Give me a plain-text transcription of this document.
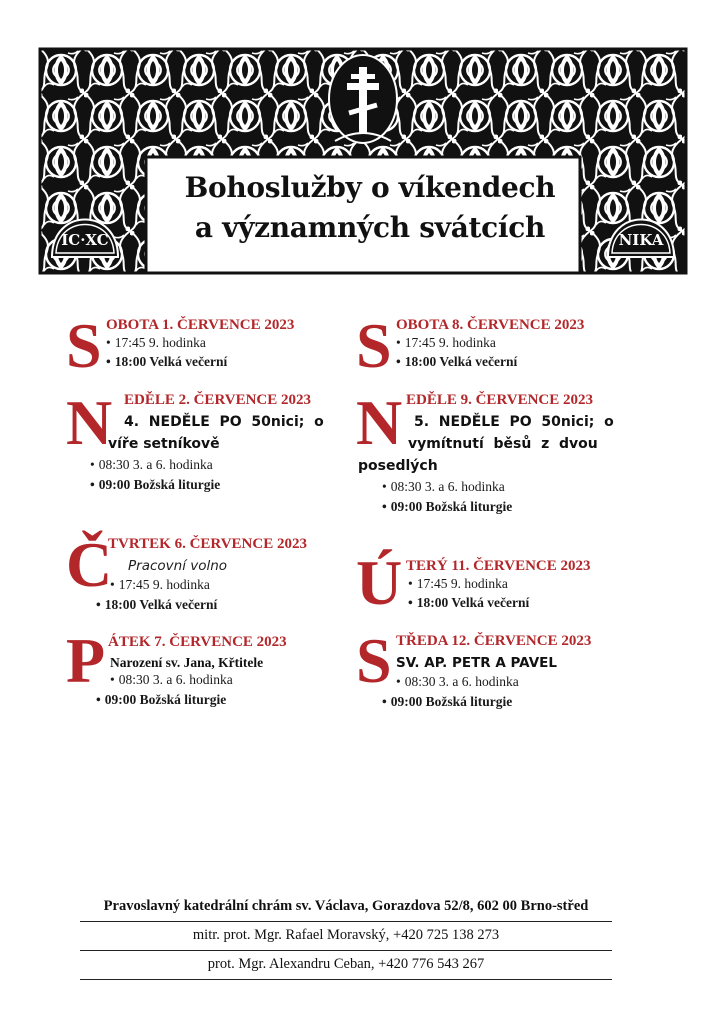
IC·XC	NIKA
Bohoslužby o víkendech
a významných svátcích
S OBOTA 1. ČERVENCE 2023
• 17:45 9. hodinka
• 18:00 Velká večerní
N EDĚLE 2. ČERVENCE 2023
4.  NEDĚLE  PO  50nici;  o
víře setníkově
• 08:30 3. a 6. hodinka
• 09:00 Božská liturgie
Č
TVRTEK 6. ČERVENCE 2023
Pracovní volno
• 17:45 9. hodinka
• 18:00 Velká večerní
P ÁTEK 7. ČERVENCE 2023
Narození sv. Jana, Křtitele
• 08:30 3. a 6. hodinka
• 09:00 Božská liturgie
S OBOTA 8. ČERVENCE 2023
• 17:45 9. hodinka
• 18:00 Velká večerní
N EDĚLE 9. ČERVENCE 2023
5.  NEDĚLE  PO  50nici;  o
vymítnutí  běsů  z  dvou
posedlých
• 08:30 3. a 6. hodinka
• 09:00 Božská liturgie
Ú TERÝ 11. ČERVENCE 2023
• 17:45 9. hodinka
• 18:00 Velká večerní
S TŘEDA 12. ČERVENCE 2023
SV. AP. PETR A PAVEL
• 08:30 3. a 6. hodinka
• 09:00 Božská liturgie
Pravoslavný katedrální chrám sv. Václava, Gorazdova 52/8, 602 00 Brno-střed
mitr. prot. Mgr. Rafael Moravský, +420 725 138 273
prot. Mgr. Alexandru Ceban, +420 776 543 267
